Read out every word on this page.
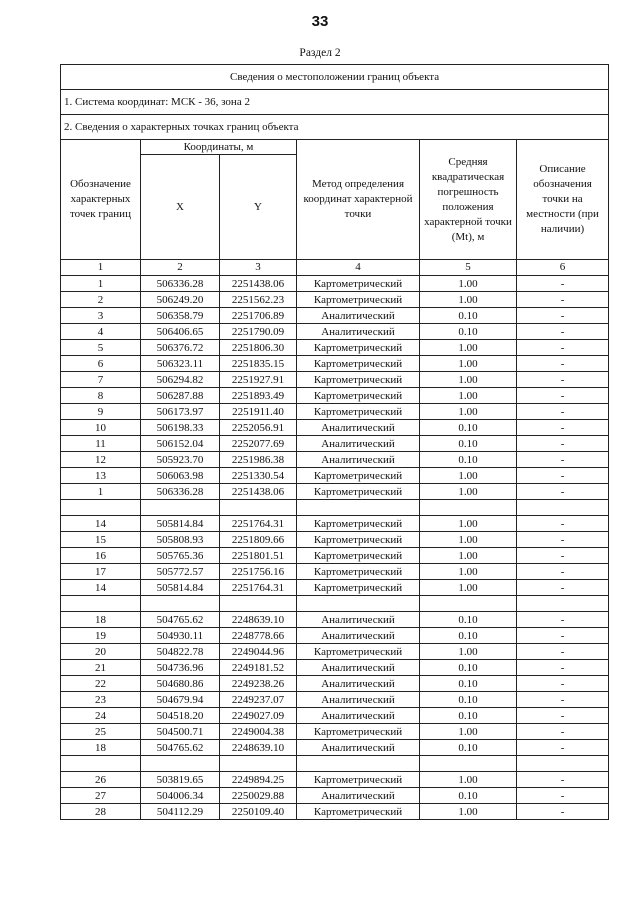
33
Раздел 2
Сведения о местоположении границ объекта					
1. Система координат: МСК - 36, зона 2					
2. Сведения о характерных точках границ объекта					
Обозначение характерных точек границ	Координаты, м		Метод определения координат характерной точки	Средняя квадратическая погрешность положения характерной точки (Mt), м	Описание обозначения точки на местности (при наличии)
	X	Y			
1	2	3	4	5	6
1	506336.28	2251438.06	Картометрический	1.00	-
2	506249.20	2251562.23	Картометрический	1.00	-
3	506358.79	2251706.89	Аналитический	0.10	-
4	506406.65	2251790.09	Аналитический	0.10	-
5	506376.72	2251806.30	Картометрический	1.00	-
6	506323.11	2251835.15	Картометрический	1.00	-
7	506294.82	2251927.91	Картометрический	1.00	-
8	506287.88	2251893.49	Картометрический	1.00	-
9	506173.97	2251911.40	Картометрический	1.00	-
10	506198.33	2252056.91	Аналитический	0.10	-
11	506152.04	2252077.69	Аналитический	0.10	-
12	505923.70	2251986.38	Аналитический	0.10	-
13	506063.98	2251330.54	Картометрический	1.00	-
1	506336.28	2251438.06	Картометрический	1.00	-

14	505814.84	2251764.31	Картометрический	1.00	-
15	505808.93	2251809.66	Картометрический	1.00	-
16	505765.36	2251801.51	Картометрический	1.00	-
17	505772.57	2251756.16	Картометрический	1.00	-
14	505814.84	2251764.31	Картометрический	1.00	-

18	504765.62	2248639.10	Аналитический	0.10	-
19	504930.11	2248778.66	Аналитический	0.10	-
20	504822.78	2249044.96	Картометрический	1.00	-
21	504736.96	2249181.52	Аналитический	0.10	-
22	504680.86	2249238.26	Аналитический	0.10	-
23	504679.94	2249237.07	Аналитический	0.10	-
24	504518.20	2249027.09	Аналитический	0.10	-
25	504500.71	2249004.38	Картометрический	1.00	-
18	504765.62	2248639.10	Аналитический	0.10	-

26	503819.65	2249894.25	Картометрический	1.00	-
27	504006.34	2250029.88	Аналитический	0.10	-
28	504112.29	2250109.40	Картометрический	1.00	-
